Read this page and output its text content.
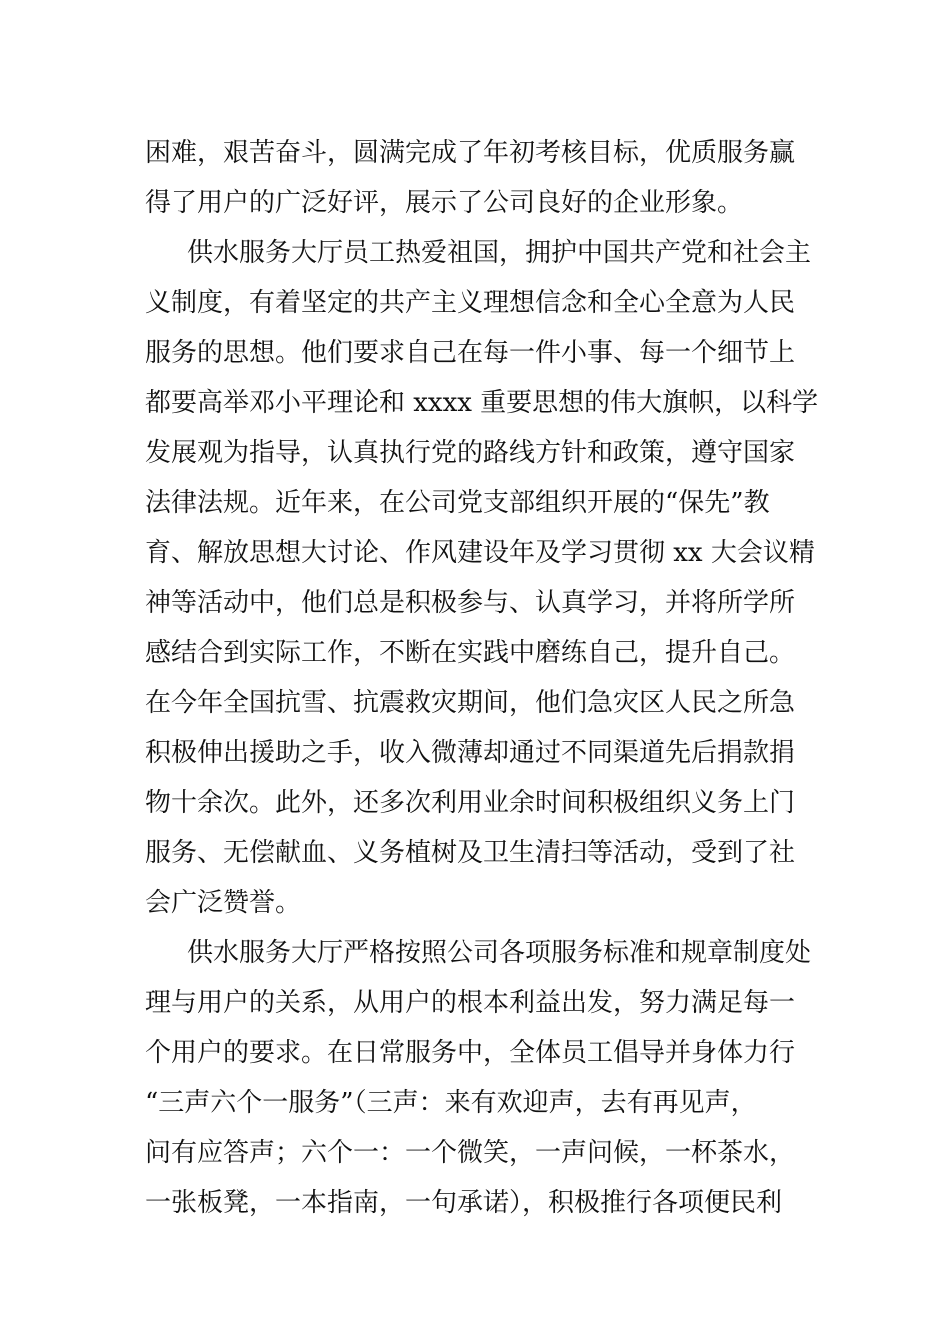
困难，艰苦奋斗，圆满完成了年初考核目标，优质服务赢
得了用户的广泛好评，展示了公司良好的企业形象。
供水服务大厅员工热爱祖国，拥护中国共产党和社会主
义制度，有着坚定的共产主义理想信念和全心全意为人民
服务的思想。他们要求自己在每一件小事、每一个细节上
都要高举邓小平理论和 xxxx 重要思想的伟大旗帜，以科学
发展观为指导，认真执行党的路线方针和政策，遵守国家
法律法规。近年来，在公司党支部组织开展的“保先”教
育、解放思想大讨论、作风建设年及学习贯彻 xx 大会议精
神等活动中，他们总是积极参与、认真学习，并将所学所
感结合到实际工作，不断在实践中磨练自己，提升自己。
在今年全国抗雪、抗震救灾期间，他们急灾区人民之所急
积极伸出援助之手，收入微薄却通过不同渠道先后捐款捐
物十余次。此外，还多次利用业余时间积极组织义务上门
服务、无偿献血、义务植树及卫生清扫等活动，受到了社
会广泛赞誉。
供水服务大厅严格按照公司各项服务标准和规章制度处
理与用户的关系，从用户的根本利益出发，努力满足每一
个用户的要求。在日常服务中，全体员工倡导并身体力行
“三声六个一服务”（三声：来有欢迎声，去有再见声，
问有应答声；六个一：一个微笑，一声问候，一杯茶水，
一张板凳，一本指南，一句承诺），积极推行各项便民利
